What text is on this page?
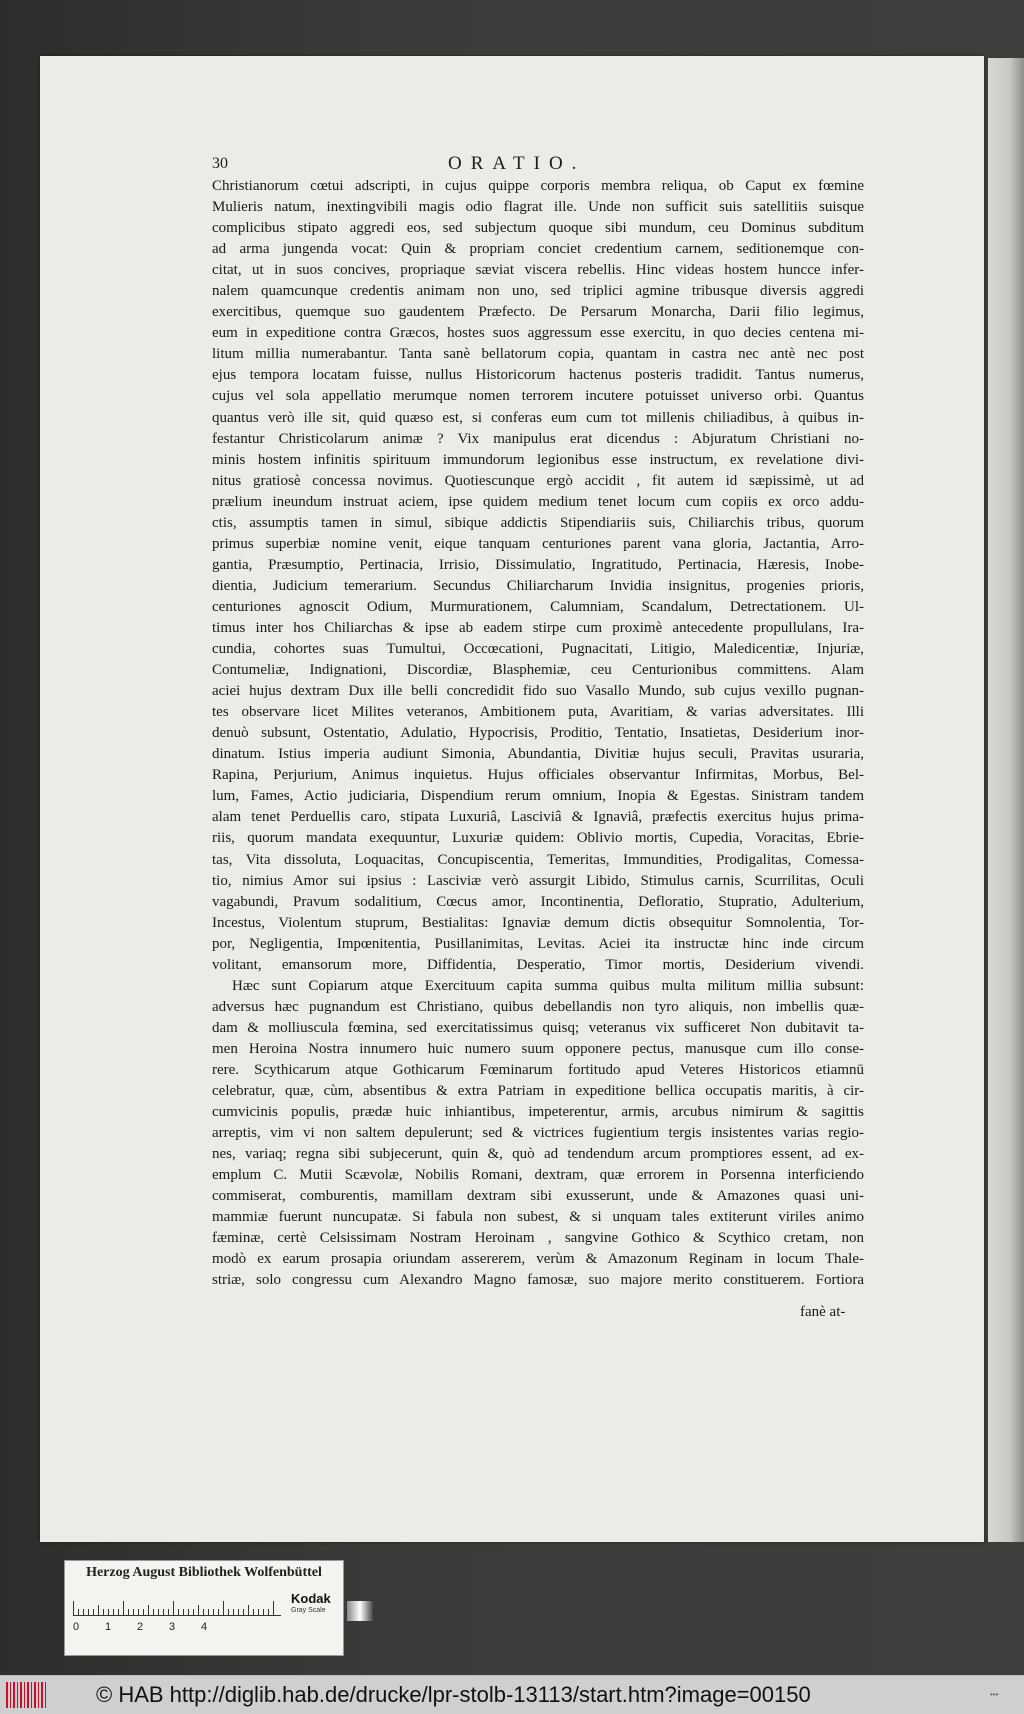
30	ORATIO.
Christianorum cœtui adscripti, in cujus quippe corporis membra reliqua, ob Caput ex fœmine
Mulieris natum, inextingvibili magis odio flagrat ille. Unde non sufficit suis satellitiis suisque
complicibus stipato aggredi eos, sed subjectum quoque sibi mundum, ceu Dominus subditum
ad arma jungenda vocat: Quin & propriam conciet credentium carnem, seditionemque con-
citat, ut in suos concives, propriaque sæviat viscera rebellis. Hinc videas hostem huncce infer-
nalem quamcunque credentis animam non uno, sed triplici agmine tribusque diversis aggredi
exercitibus, quemque suo gaudentem Præfecto. De Persarum Monarcha, Darii filio legimus,
eum in expeditione contra Græcos, hostes suos aggressum esse exercitu, in quo decies centena mi-
litum millia numerabantur. Tanta sanè bellatorum copia, quantam in castra nec antè nec post
ejus tempora locatam fuisse, nullus Historicorum hactenus posteris tradidit. Tantus numerus,
cujus vel sola appellatio merumque nomen terrorem incutere potuisset universo orbi. Quantus
quantus verò ille sit, quid quæso est, si conferas eum cum tot millenis chiliadibus, à quibus in-
festantur Christicolarum animæ ? Vix manipulus erat dicendus : Abjuratum Christiani no-
minis hostem infinitis spirituum immundorum legionibus esse instructum, ex revelatione divi-
nitus gratiosè concessa novimus. Quotiescunque ergò accidit , fit autem id sæpissimè, ut ad
prælium ineundum instruat aciem, ipse quidem medium tenet locum cum copiis ex orco addu-
ctis, assumptis tamen in simul, sibique addictis Stipendiariis suis, Chiliarchis tribus, quorum
primus superbiæ nomine venit, eique tanquam centuriones parent vana gloria, Jactantia, Arro-
gantia, Præsumptio, Pertinacia, Irrisio, Dissimulatio, Ingratitudo, Pertinacia, Hæresis, Inobe-
dientia, Judicium temerarium. Secundus Chiliarcharum Invidia insignitus, progenies prioris,
centuriones agnoscit Odium, Murmurationem, Calumniam, Scandalum, Detrectationem. Ul-
timus inter hos Chiliarchas & ipse ab eadem stirpe cum proximè antecedente propullulans, Ira-
cundia, cohortes suas Tumultui, Occœcationi, Pugnacitati, Litigio, Maledicentiæ, Injuriæ,
Contumeliæ, Indignationi, Discordiæ, Blasphemiæ, ceu Centurionibus committens. Alam
aciei hujus dextram Dux ille belli concredidit fido suo Vasallo Mundo, sub cujus vexillo pugnan-
tes observare licet Milites veteranos, Ambitionem puta, Avaritiam, & varias adversitates. Illi
denuò subsunt, Ostentatio, Adulatio, Hypocrisis, Proditio, Tentatio, Insatietas, Desiderium inor-
dinatum. Istius imperia audiunt Simonia, Abundantia, Divitiæ hujus seculi, Pravitas usuraria,
Rapina, Perjurium, Animus inquietus. Hujus officiales observantur Infirmitas, Morbus, Bel-
lum, Fames, Actio judiciaria, Dispendium rerum omnium, Inopia & Egestas. Sinistram tandem
alam tenet Perduellis caro, stipata Luxuriâ, Lasciviâ & Ignaviâ, præfectis exercitus hujus prima-
riis, quorum mandata exequuntur, Luxuriæ quidem: Oblivio mortis, Cupedia, Voracitas, Ebrie-
tas, Vita dissoluta, Loquacitas, Concupiscentia, Temeritas, Immundities, Prodigalitas, Comessa-
tio, nimius Amor sui ipsius : Lasciviæ verò assurgit Libido, Stimulus carnis, Scurrilitas, Oculi
vagabundi, Pravum sodalitium, Cœcus amor, Incontinentia, Defloratio, Stupratio, Adulterium,
Incestus, Violentum stuprum, Bestialitas: Ignaviæ demum dictis obsequitur Somnolentia, Tor-
por, Negligentia, Impœnitentia, Pusillanimitas, Levitas. Aciei ita instructæ hinc inde circum
volitant, emansorum more, Diffidentia, Desperatio, Timor mortis, Desiderium vivendi.
Hæc sunt Copiarum atque Exercituum capita summa quibus multa militum millia subsunt:
adversus hæc pugnandum est Christiano, quibus debellandis non tyro aliquis, non imbellis quæ-
dam & molliuscula fœmina, sed exercitatissimus quisq; veteranus vix sufficeret Non dubitavit ta-
men Heroina Nostra innumero huic numero suum opponere pectus, manusque cum illo conse-
rere. Scythicarum atque Gothicarum Fœminarum fortitudo apud Veteres Historicos etiamnū
celebratur, quæ, cùm, absentibus & extra Patriam in expeditione bellica occupatis maritis, à cir-
cumvicinis populis, prædæ huic inhiantibus, impeterentur, armis, arcubus nimirum & sagittis
arreptis, vim vi non saltem depulerunt; sed & victrices fugientium tergis insistentes varias regio-
nes, variaq; regna sibi subjecerunt, quin &, quò ad tendendum arcum promptiores essent, ad ex-
emplum C. Mutii Scævolæ, Nobilis Romani, dextram, quæ errorem in Porsenna interficiendo
commiserat, comburentis, mamillam dextram sibi exusserunt, unde & Amazones quasi uni-
mammiæ fuerunt nuncupatæ. Si fabula non subest, & si unquam tales extiterunt viriles animo
fæminæ, certè Celsissimam Nostram Heroinam , sangvine Gothico & Scythico cretam, non
modò ex earum prosapia oriundam assererem, verùm & Amazonum Reginam in locum Thale-
striæ, solo congressu cum Alexandro Magno famosæ, suo majore merito constituerem. Fortiora
fanè at-
Herzog August Bibliothek Wolfenbüttel
0 1 2 3 4
Kodak
Gray Scale
© HAB http://diglib.hab.de/drucke/lpr-stolb-13113/start.htm?image=00150	•••
